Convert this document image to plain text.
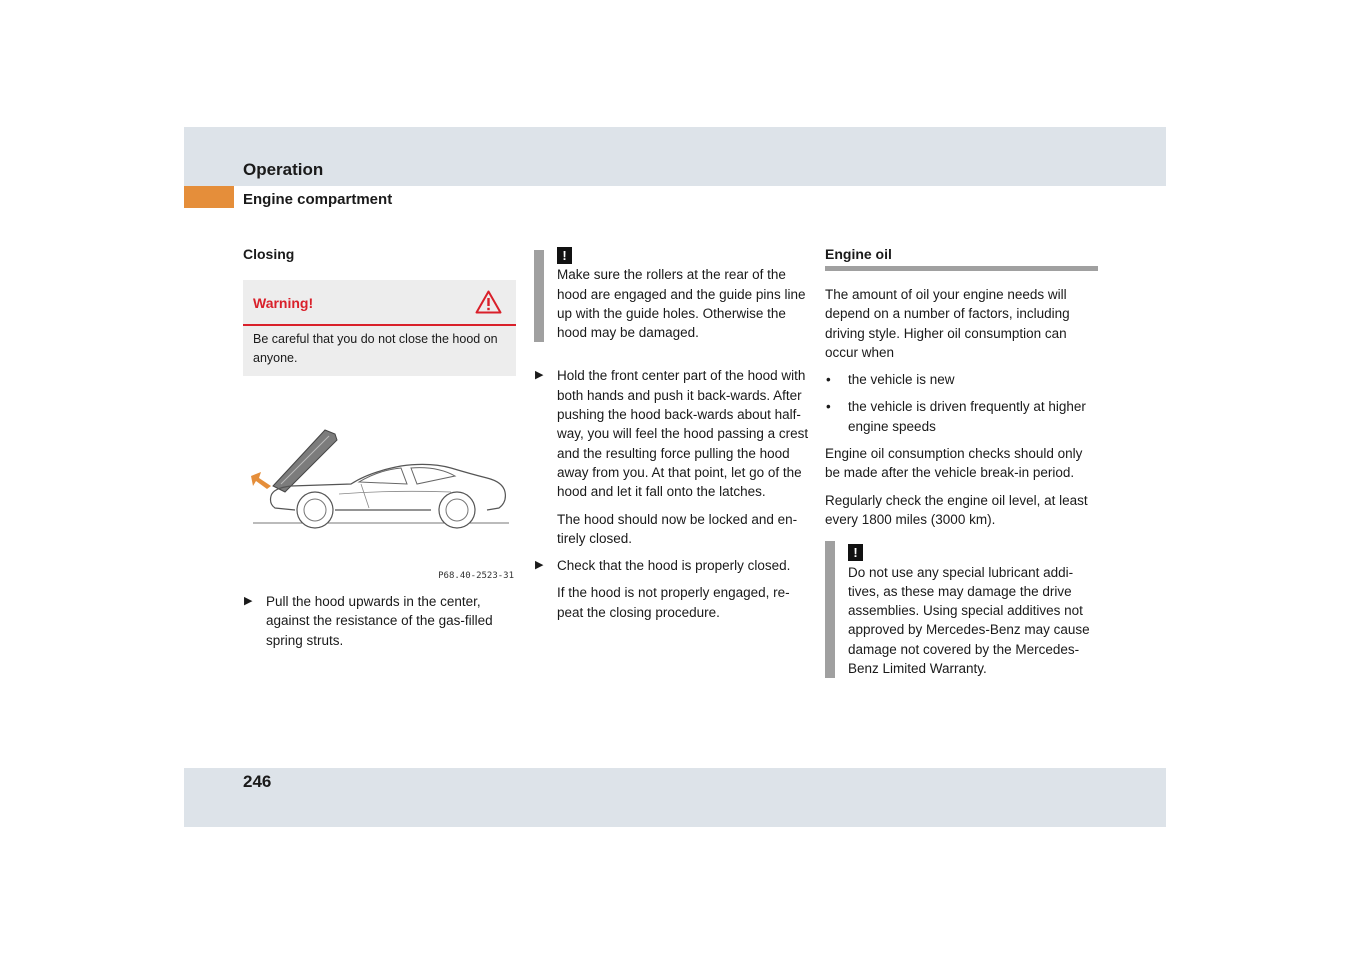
Operation
Engine compartment

Closing

Warning!
Be careful that you do not close the hood on anyone.
P68.40-2523-31
▶ Pull the hood upwards in the center, against the resistance of the gas-filled spring struts.
!
Make sure the rollers at the rear of the hood are engaged and the guide pins line up with the guide holes. Otherwise the hood may be damaged.
▶ Hold the front center part of the hood with both hands and push it back-wards. After pushing the hood back-wards about half-way, you will feel the hood passing a crest and the resulting force pulling the hood away from you. At that point, let go of the hood and let it fall onto the latches.

The hood should now be locked and en-tirely closed.

▶ Check that the hood is properly closed.

If the hood is not properly engaged, re-peat the closing procedure.

Engine oil

The amount of oil your engine needs will depend on a number of factors, including driving style. Higher oil consumption can occur when

• the vehicle is new
• the vehicle is driven frequently at higher engine speeds

Engine oil consumption checks should only be made after the vehicle break-in period.

Regularly check the engine oil level, at least every 1800 miles (3000 km).

!
Do not use any special lubricant addi-tives, as these may damage the drive assemblies. Using special additives not approved by Mercedes-Benz may cause damage not covered by the Mercedes-Benz Limited Warranty.
246
